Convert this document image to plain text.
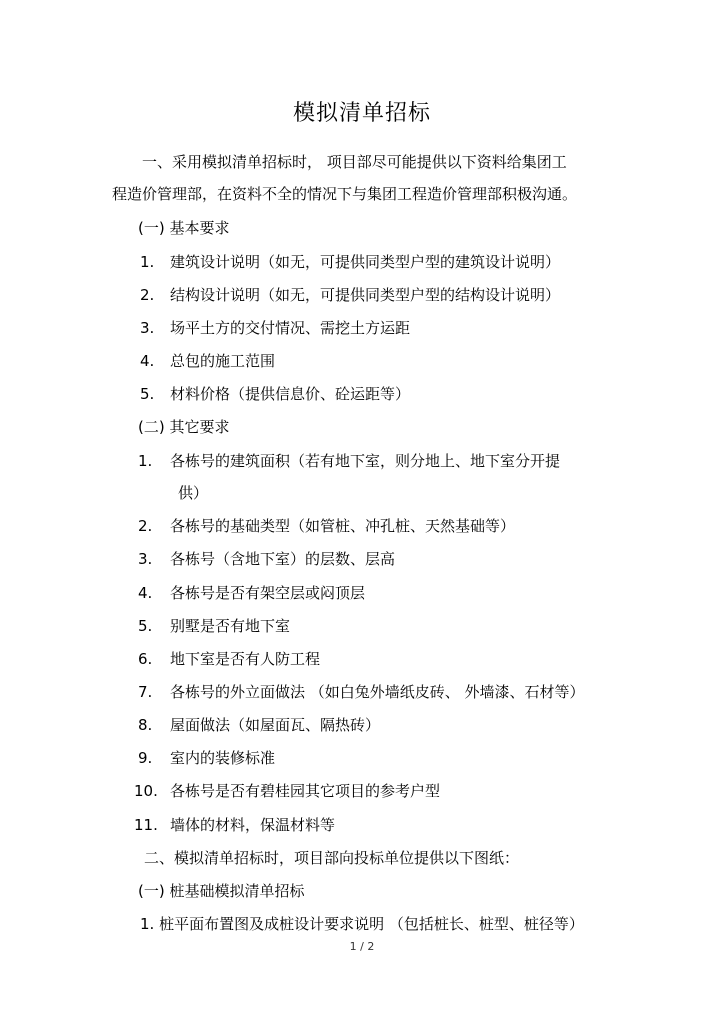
模拟清单招标
一、采用模拟清单招标时， 项目部尽可能提供以下资料给集团工
程造价管理部，在资料不全的情况下与集团工程造价管理部积极沟通。
(一) 基本要求
1. 建筑设计说明（如无，可提供同类型户型的建筑设计说明）
2. 结构设计说明（如无，可提供同类型户型的结构设计说明）
3. 场平土方的交付情况、需挖土方运距
4. 总包的施工范围
5. 材料价格（提供信息价、砼运距等）
(二) 其它要求
1. 各栋号的建筑面积（若有地下室，则分地上、地下室分开提
供）
2. 各栋号的基础类型（如管桩、冲孔桩、天然基础等）
3. 各栋号（含地下室）的层数、层高
4. 各栋号是否有架空层或闷顶层
5. 别墅是否有地下室
6. 地下室是否有人防工程
7. 各栋号的外立面做法 （如白兔外墙纸皮砖、 外墙漆、石材等）
8. 屋面做法（如屋面瓦、隔热砖）
9. 室内的装修标准
10. 各栋号是否有碧桂园其它项目的参考户型
11. 墙体的材料，保温材料等
二、模拟清单招标时，项目部向投标单位提供以下图纸：
(一) 桩基础模拟清单招标
1. 桩平面布置图及成桩设计要求说明 （包括桩长、桩型、桩径等）
1 / 2
